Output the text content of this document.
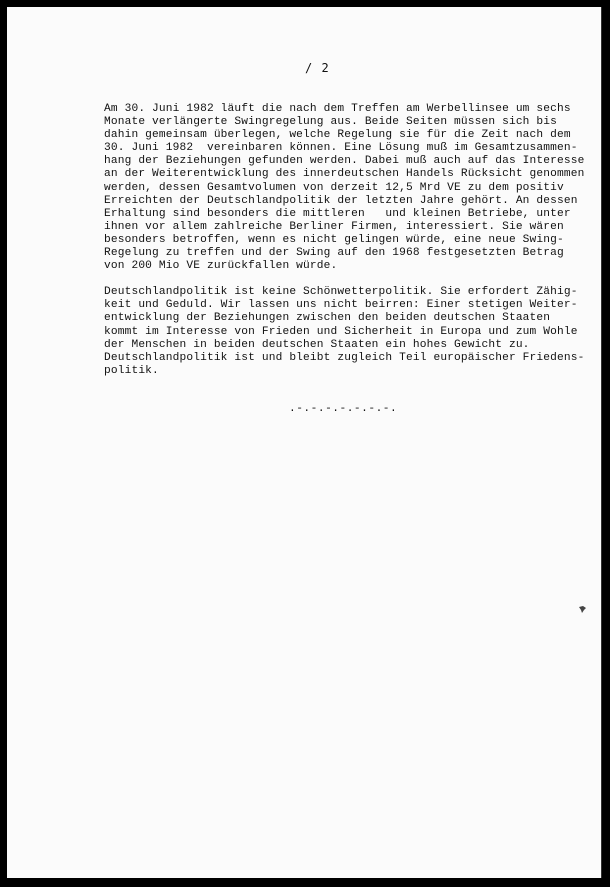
/ 2
Am 30. Juni 1982 läuft die nach dem Treffen am Werbellinsee um sechs
Monate verlängerte Swingregelung aus. Beide Seiten müssen sich bis
dahin gemeinsam überlegen, welche Regelung sie für die Zeit nach dem
30. Juni 1982  vereinbaren können. Eine Lösung muß im Gesamtzusammen-
hang der Beziehungen gefunden werden. Dabei muß auch auf das Interesse
an der Weiterentwicklung des innerdeutschen Handels Rücksicht genommen
werden, dessen Gesamtvolumen von derzeit 12,5 Mrd VE zu dem positiv
Erreichten der Deutschlandpolitik der letzten Jahre gehört. An dessen
Erhaltung sind besonders die mittleren   und kleinen Betriebe, unter
ihnen vor allem zahlreiche Berliner Firmen, interessiert. Sie wären
besonders betroffen, wenn es nicht gelingen würde, eine neue Swing-
Regelung zu treffen und der Swing auf den 1968 festgesetzten Betrag
von 200 Mio VE zurückfallen würde.
Deutschlandpolitik ist keine Schönwetterpolitik. Sie erfordert Zähig-
keit und Geduld. Wir lassen uns nicht beirren: Einer stetigen Weiter-
entwicklung der Beziehungen zwischen den beiden deutschen Staaten
kommt im Interesse von Frieden und Sicherheit in Europa und zum Wohle
der Menschen in beiden deutschen Staaten ein hohes Gewicht zu.
Deutschlandpolitik ist und bleibt zugleich Teil europäischer Friedens-
politik.
.-.-.-.-.-.-.-.
